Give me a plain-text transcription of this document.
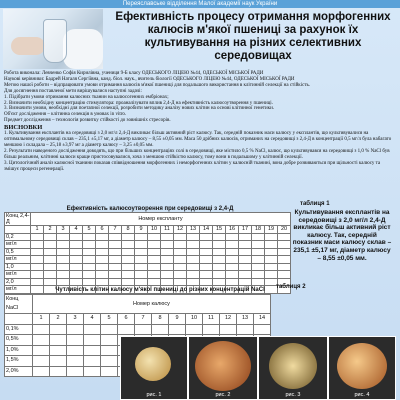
Переяславське відділення Малої академії наук України
Ефективність процесу отримання морфогенних калюсів м'якої пшениці за рахунок їх культивування на різних селективних середовищах

Робота виконала: Левченко Софія Кирилівна, учениця 9-Б класу ОДЕСЬКОГО ЛІЦЕЮ №44, ОДЕСЬКОЇ МІСЬКОЇ РАДИ

Наукові керівники: Бадрей Наталя Сергіївна, канд. біол. наук., вчитель біології ОДЕСЬКОГО ЛІЦЕЮ №44, ОДЕСЬКОЇ МІСЬКОЇ РАДИ

Метою нашої роботи – відпрацювати умови отримання калюсів м'якої пшениці для подальшого використання в клітинній селекції на стійкість.

Для досягнення поставленої мети вирішувалися наступні задачі:

1. Підібрати умови отримання калюсних тканин на калюсогенних ембріонах;

2. Визначити необхідну концентрацію стимулятора: проаналізувати вплив 2,4-Д на ефективність калюсоутворення у пшениці.

3. Визначити умови, необхідні для поетапної селекції, розробити методику аналізу нових клітин на основі клітинної генетики.

Об'єкт дослідження – клітинна селекція в умовах in vitro.

Предмет дослідження – технологія розвитку стійкості до зовнішніх стресорів.

ВИСНОВКИ

1. Культивування експлантів на середовищі з 2,0 мг/л 2,4-Д викликає більш активний ріст калюсу. Так, середній показник маси калюсу у експлантів, що культивувалися на оптимальному середовищі склав – 235,1 ±5,17 мг, а діаметр калюсу – 8,55 ±0,05 мм. Маса 50 дрібних калюсів, отриманих на середовищі з 2,4-Д в концентрації 0,5 мг/л була набагато меншою і складала – 25,18 ±3,97 мг а діаметр калюсу – 3,25 ±0,05 мм.

2. Результати наведеного дослідження доводять, що при більших концентраціях солі в середовищі, яке містило 0,5 % NaCl, калюс, що культивувався на середовищі з 1,0 % NaCl був більш реальним, клітинні калюси краще пристосовувалися, хоча з меншою стійкістю калюсу, тому вони в подальшому у клітинній селекції.

3. Цитологічний аналіз калюсної тканини показав співвідношення морфогенних і неморфогенних клітин у калюсній тканині, вона добре розвиваються при щільності калюсу та змішує процеси регенерації.

таблиця 1
Ефективність калюсоутворення при середовищі з 2,4-Д
Конц 2,4-Д	Номер експланту																			
	1	2	3	4	5	6	7	8	9	10	11	12	13	14	15	16	17	18	19	20
0,2																				
мг/л																				
0,5																				
мг/л																				
1,0																				
мг/л																				
2,0																				
мг/л																				
Культивування експлантів на середовищі з 2,0 мг/л 2,4-Д викликає більш активний ріст калюсу. Так, середній показник маси калюсу склав – 235,1 ±5,17 мг, діаметр калюсу – 8,55 ±0,05 мм.
таблиця 2
Чутливість клітин калюсу м'якої пшениці до різних концентрацій NaCl
Конц NaCl	Номер калюсу													
	1	2	3	4	5	6	7	8	9	10	11	12	13	14
0,1%														
0,5%														
1,0%														
1,5%														
2,0%														
рис. 1	рис. 2	рис. 3	рис. 4
